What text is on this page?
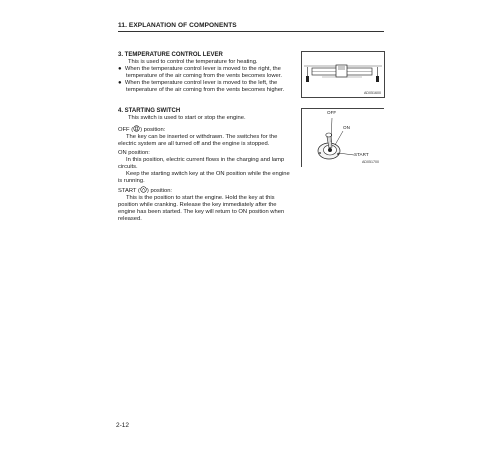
11. EXPLANATION OF COMPONENTS
3. TEMPERATURE CONTROL LEVER
This is used to control the temperature for heating.
● When the temperature control lever is moved to the right, the
temperature of the air coming from the vents becomes lower.
● When the temperature control lever is moved to the left, the
temperature of the air coming from the vents becomes higher.	AD051600
4. STARTING SWITCH
This switch is used to start or stop the engine.
OFF ( ) position:
The key can be inserted or withdrawn. The switches for the
electric system are all turned off and the engine is stopped.
ON position:
In this position, electric current flows in the charging and lamp
circuits.
Keep the starting switch key at the ON position while the engine
is running.
START ( ) position:
This is the position to start the engine. Hold the key at this
position while cranking. Release the key immediately after the
engine has been started. The key will return to ON position when
released.
OFF
ON
START
AD051700
2-12
